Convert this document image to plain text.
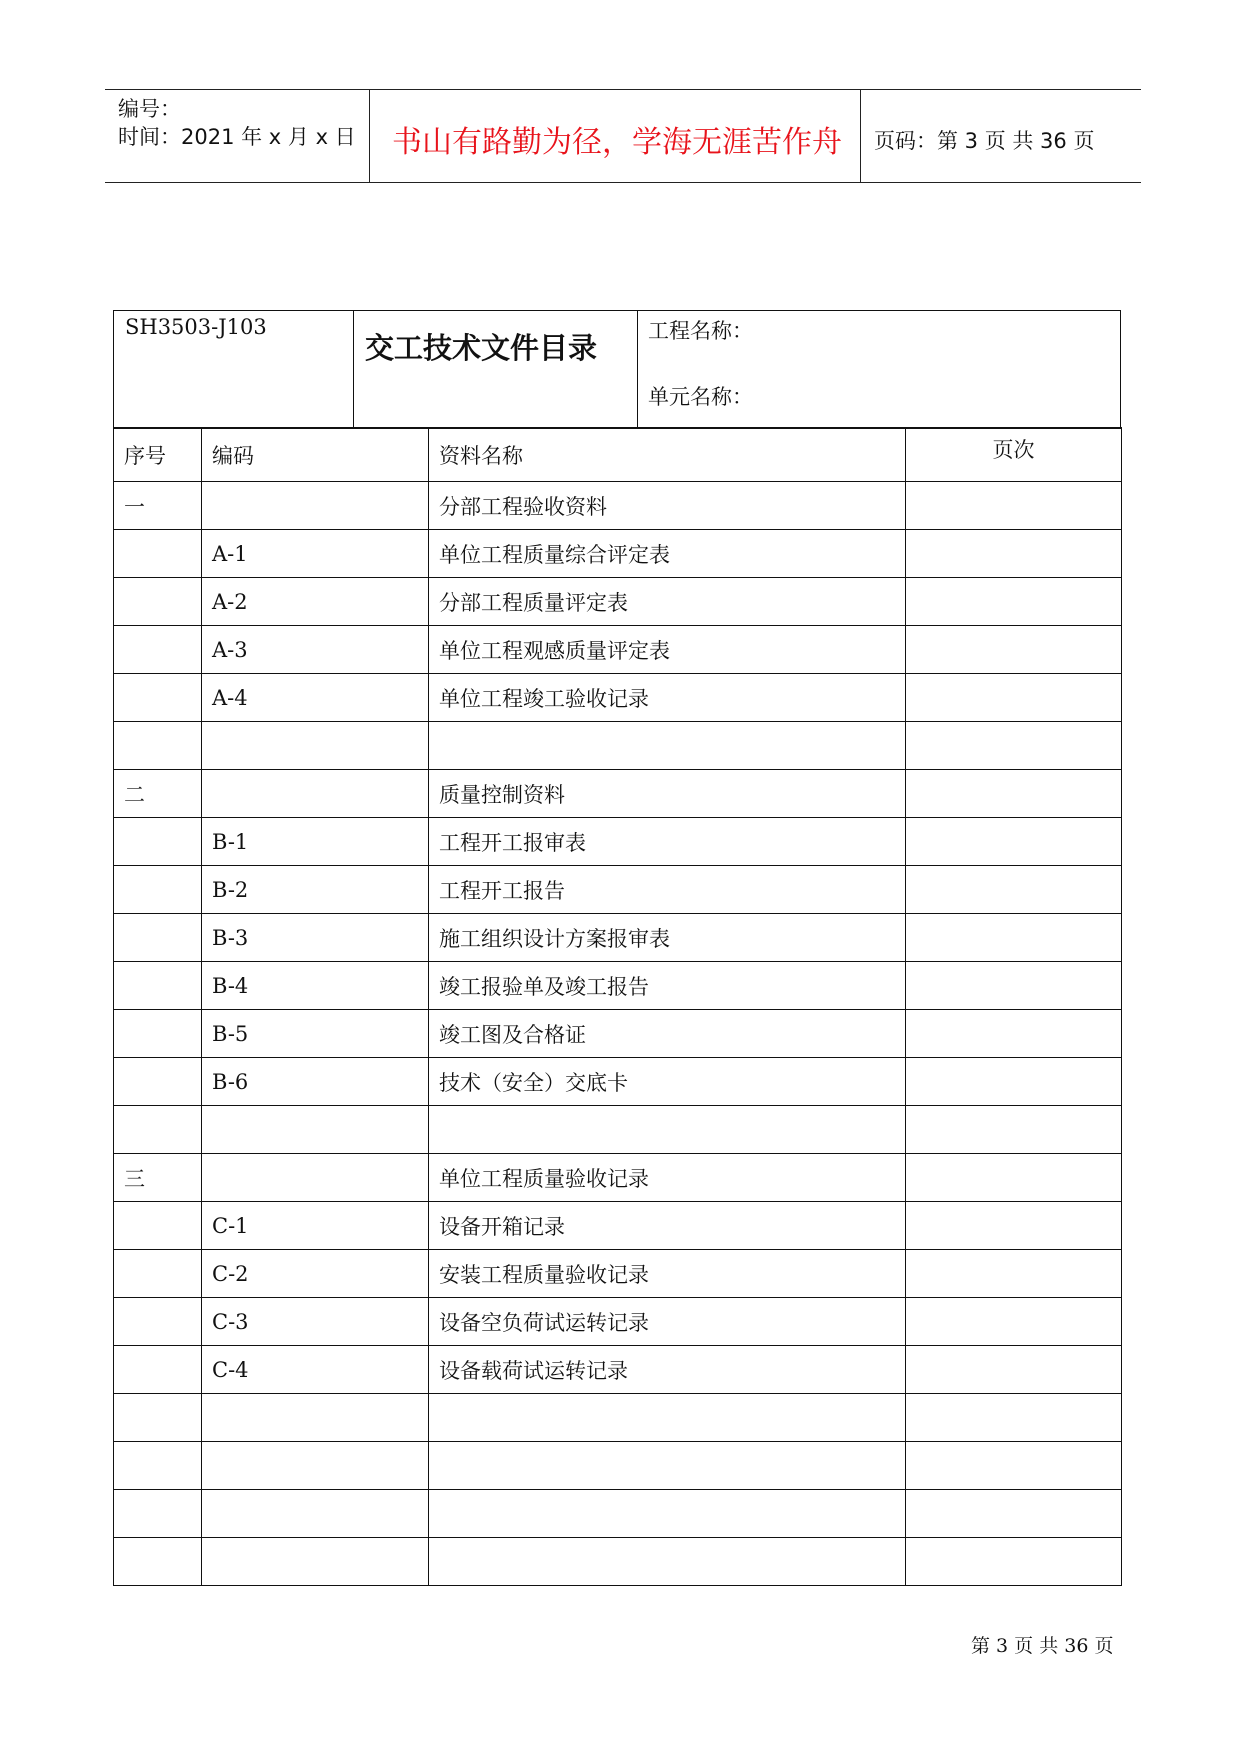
编号：
时间：2021 年 x 月 x 日 书山有路勤为径，学海无涯苦作舟 页码：第 3 页 共 36 页
SH3503-J103
交工技术文件目录 工程名称：
单元名称：
序号	编码	资料名称	页次
一		分部工程验收资料	
	A-1	单位工程质量综合评定表	
	A-2	分部工程质量评定表	
	A-3	单位工程观感质量评定表	
	A-4	单位工程竣工验收记录	

二		质量控制资料	
	B-1	工程开工报审表	
	B-2	工程开工报告	
	B-3	施工组织设计方案报审表	
	B-4	竣工报验单及竣工报告	
	B-5	竣工图及合格证	
	B-6	技术（安全）交底卡	

三		单位工程质量验收记录	
	C-1	设备开箱记录	
	C-2	安装工程质量验收记录	
	C-3	设备空负荷试运转记录	
	C-4	设备载荷试运转记录	

第 3 页 共 36 页
